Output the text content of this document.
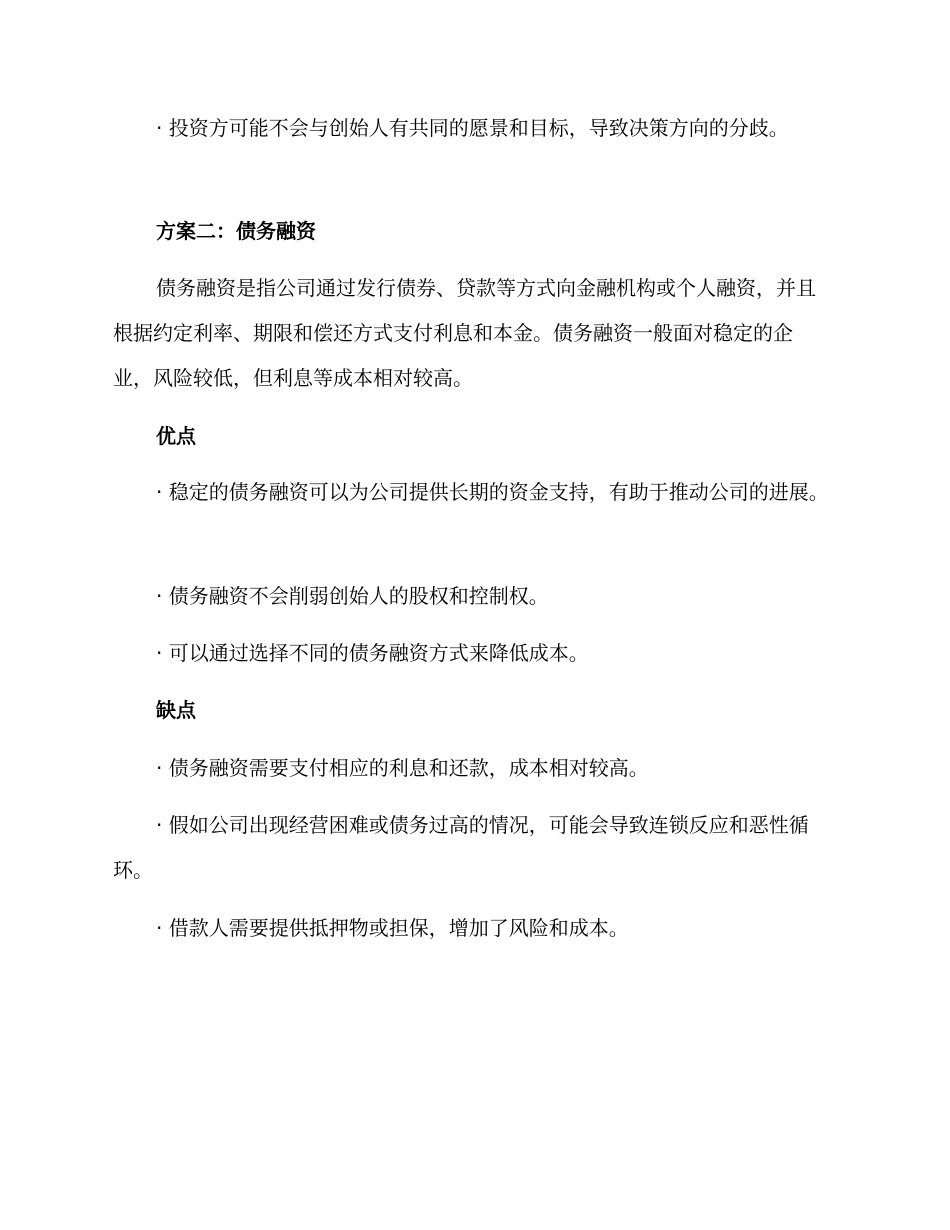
· 投资方可能不会与创始人有共同的愿景和目标，导致决策方向的分歧。

方案二：债务融资

债务融资是指公司通过发行债券、贷款等方式向金融机构或个人融资，并且根据约定利率、期限和偿还方式支付利息和本金。债务融资一般面对稳定的企业，风险较低，但利息等成本相对较高。

优点

· 稳定的债务融资可以为公司提供长期的资金支持，有助于推动公司的进展。

· 债务融资不会削弱创始人的股权和控制权。

· 可以通过选择不同的债务融资方式来降低成本。

缺点

· 债务融资需要支付相应的利息和还款，成本相对较高。

· 假如公司出现经营困难或债务过高的情况，可能会导致连锁反应和恶性循环。

· 借款人需要提供抵押物或担保，增加了风险和成本。
